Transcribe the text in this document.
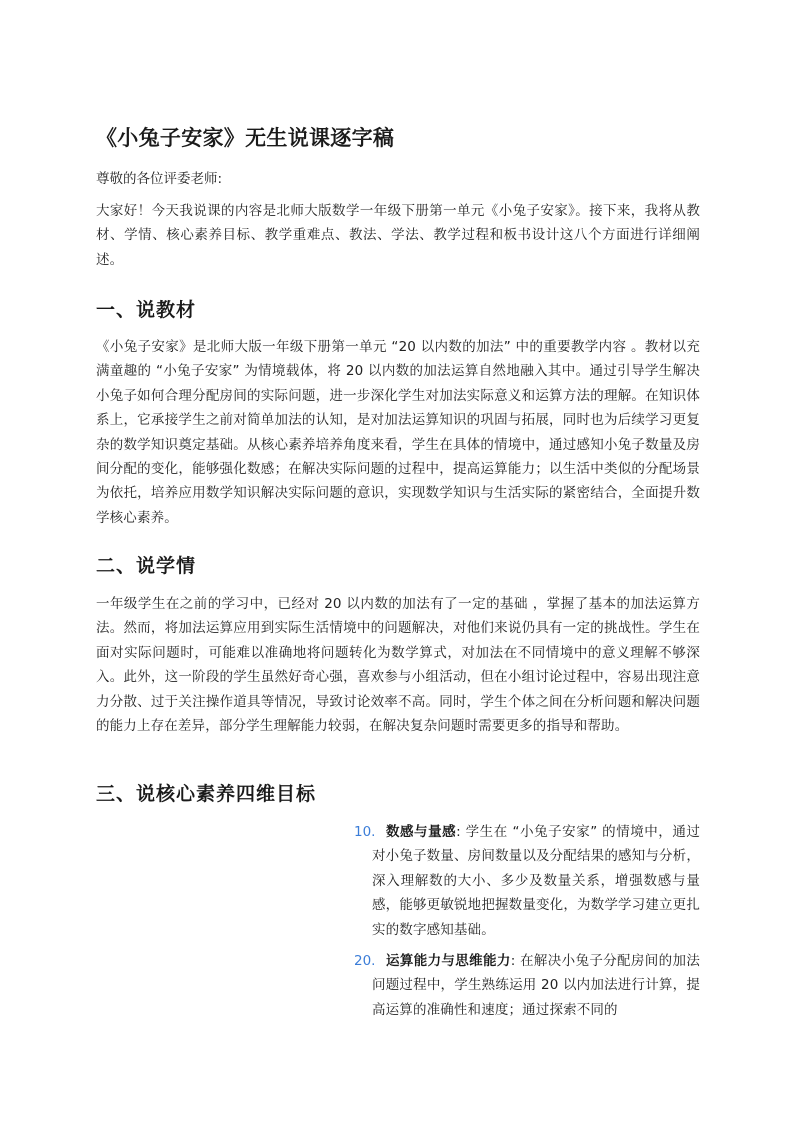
《小兔子安家》无生说课逐字稿

尊敬的各位评委老师:

大家好！今天我说课的内容是北师大版数学一年级下册第一单元《小兔子安家》。接下来，我将从教材、学情、核心素养目标、教学重难点、教法、学法、教学过程和板书设计这八个方面进行详细阐述。

一、说教材

《小兔子安家》是北师大版一年级下册第一单元 “20 以内数的加法” 中的重要教学内容 。教材以充满童趣的 “小兔子安家” 为情境载体，将 20 以内数的加法运算自然地融入其中。通过引导学生解决小兔子如何合理分配房间的实际问题，进一步深化学生对加法实际意义和运算方法的理解。在知识体系上，它承接学生之前对简单加法的认知，是对加法运算知识的巩固与拓展，同时也为后续学习更复杂的数学知识奠定基础。从核心素养培养角度来看，学生在具体的情境中，通过感知小兔子数量及房间分配的变化，能够强化数感；在解决实际问题的过程中，提高运算能力；以生活中类似的分配场景为依托，培养应用数学知识解决实际问题的意识，实现数学知识与生活实际的紧密结合，全面提升数学核心素养。

二、说学情

一年级学生在之前的学习中，已经对 20 以内数的加法有了一定的基础 ，掌握了基本的加法运算方法。然而，将加法运算应用到实际生活情境中的问题解决，对他们来说仍具有一定的挑战性。学生在面对实际问题时，可能难以准确地将问题转化为数学算式，对加法在不同情境中的意义理解不够深入。此外，这一阶段的学生虽然好奇心强，喜欢参与小组活动，但在小组讨论过程中，容易出现注意力分散、过于关注操作道具等情况，导致讨论效率不高。同时，学生个体之间在分析问题和解决问题的能力上存在差异，部分学生理解能力较弱，在解决复杂问题时需要更多的指导和帮助。

三、说核心素养四维目标
10. 数感与量感: 学生在 “小兔子安家” 的情境中，通过对小兔子数量、房间数量以及分配结果的感知与分析，深入理解数的大小、多少及数量关系，增强数感与量感，能够更敏锐地把握数量变化，为数学学习建立更扎实的数字感知基础。

20. 运算能力与思维能力: 在解决小兔子分配房间的加法问题过程中，学生熟练运用 20 以内加法进行计算，提高运算的准确性和速度；通过探索不同的
